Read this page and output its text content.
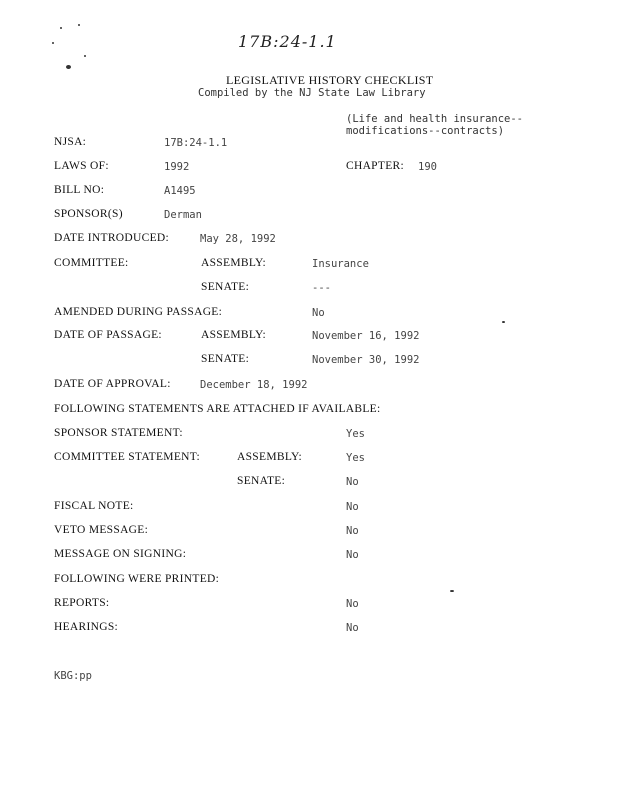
17B:24-1.1
LEGISLATIVE HISTORY CHECKLIST
Compiled by the NJ State Law Library
(Life and health insurance--
modifications--contracts)
NJSA:	17B:24-1.1
LAWS OF:	1992	CHAPTER: 190
BILL NO:	A1495
SPONSOR(S)	Derman
DATE INTRODUCED:	May 28, 1992
COMMITTEE:	ASSEMBLY:	Insurance
SENATE:	---
AMENDED DURING PASSAGE:	No
DATE OF PASSAGE:	ASSEMBLY:	November 16, 1992
SENATE:	November 30, 1992
DATE OF APPROVAL:	December 18, 1992
FOLLOWING STATEMENTS ARE ATTACHED IF AVAILABLE:
SPONSOR STATEMENT:	Yes
COMMITTEE STATEMENT:	ASSEMBLY:	Yes
SENATE:	No
FISCAL NOTE:	No
VETO MESSAGE:	No
MESSAGE ON SIGNING:	No
FOLLOWING WERE PRINTED:
REPORTS:	No
HEARINGS:	No
KBG:pp
